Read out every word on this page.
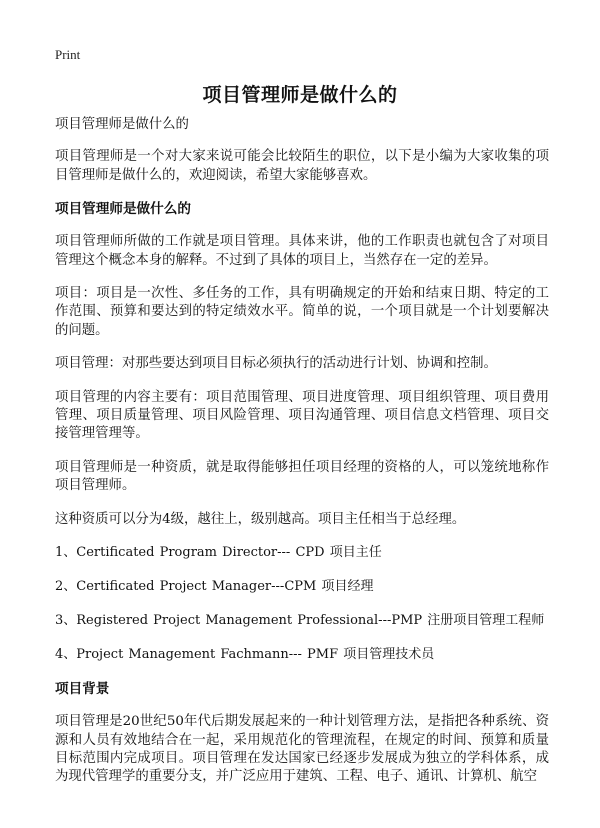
Print
项目管理师是做什么的

项目管理师是做什么的

项目管理师是一个对大家来说可能会比较陌生的职位，以下是小编为大家收集的项目管理师是做什么的，欢迎阅读，希望大家能够喜欢。

项目管理师是做什么的

项目管理师所做的工作就是项目管理。具体来讲，他的工作职责也就包含了对项目管理这个概念本身的解释。不过到了具体的项目上，当然存在一定的差异。

项目：项目是一次性、多任务的工作，具有明确规定的开始和结束日期、特定的工作范围、预算和要达到的特定绩效水平。简单的说，一个项目就是一个计划要解决的问题。

项目管理：对那些要达到项目目标必须执行的活动进行计划、协调和控制。

项目管理的内容主要有：项目范围管理、项目进度管理、项目组织管理、项目费用管理、项目质量管理、项目风险管理、项目沟通管理、项目信息文档管理、项目交接管理管理等。

项目管理师是一种资质，就是取得能够担任项目经理的资格的人，可以笼统地称作项目管理师。

这种资质可以分为4级，越往上，级别越高。项目主任相当于总经理。

1、Certificated Program Director--- CPD 项目主任
2、Certificated Project Manager---CPM 项目经理
3、Registered Project Management Professional---PMP 注册项目管理工程师
4、Project Management Fachmann--- PMF 项目管理技术员
项目背景

项目管理是20世纪50年代后期发展起来的一种计划管理方法，是指把各种系统、资源和人员有效地结合在一起，采用规范化的管理流程，在规定的时间、预算和质量目标范围内完成项目。项目管理在发达国家已经逐步发展成为独立的学科体系，成为现代管理学的重要分支，并广泛应用于建筑、工程、电子、通讯、计算机、航空
